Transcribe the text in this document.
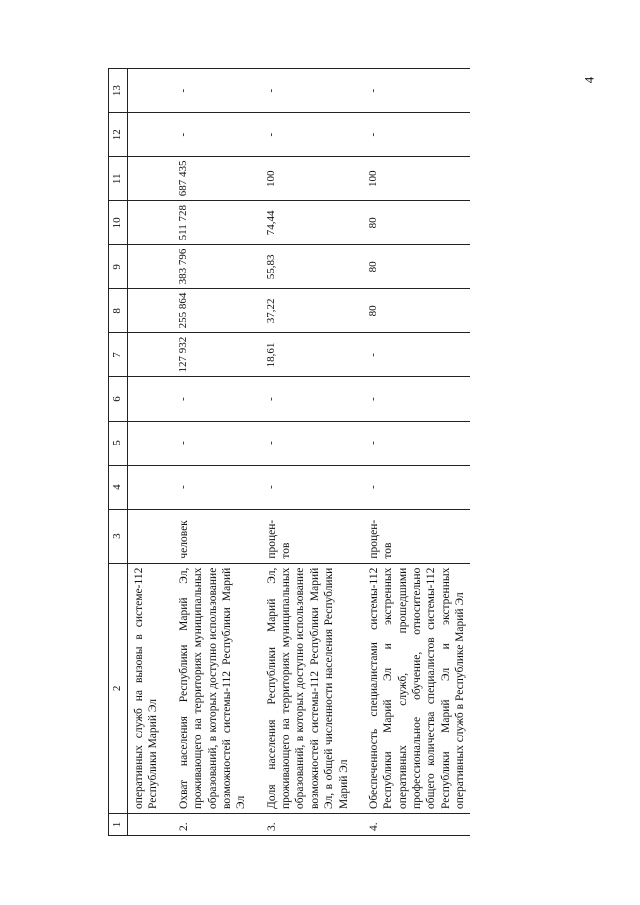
4
1	2	3	4	5	6	7	8	9	10	11	12	13
	оперативных служб на вызовы в системе-112 Республики Марий Эл											
2.	Охват населения Республики Марий Эл, проживающего на территориях муниципальных образований, в которых доступно использование возможностей системы-112 Республики Марий Эл	человек	-	-	-	127 932	255 864	383 796	511 728	687 435	-	-
3.	Доля населения Республики Марий Эл, проживающего на территориях муниципальных образований, в которых доступно использование возможностей системы-112 Республики Марий Эл, в общей численности населения Республики Марий Эл	процен-тов	-	-	-	18,61	37,22	55,83	74,44	100	-	-
4.	Обеспеченность специалистами системы-112 Республики Марий Эл и экстренных оперативных служб, прошедшими профессиональное обучение, относительно общего количества специалистов системы-112 Республики Марий Эл и экстренных оперативных служб в Республике Марий Эл	процен-тов	-	-	-	-	80	80	80	100	-	-
